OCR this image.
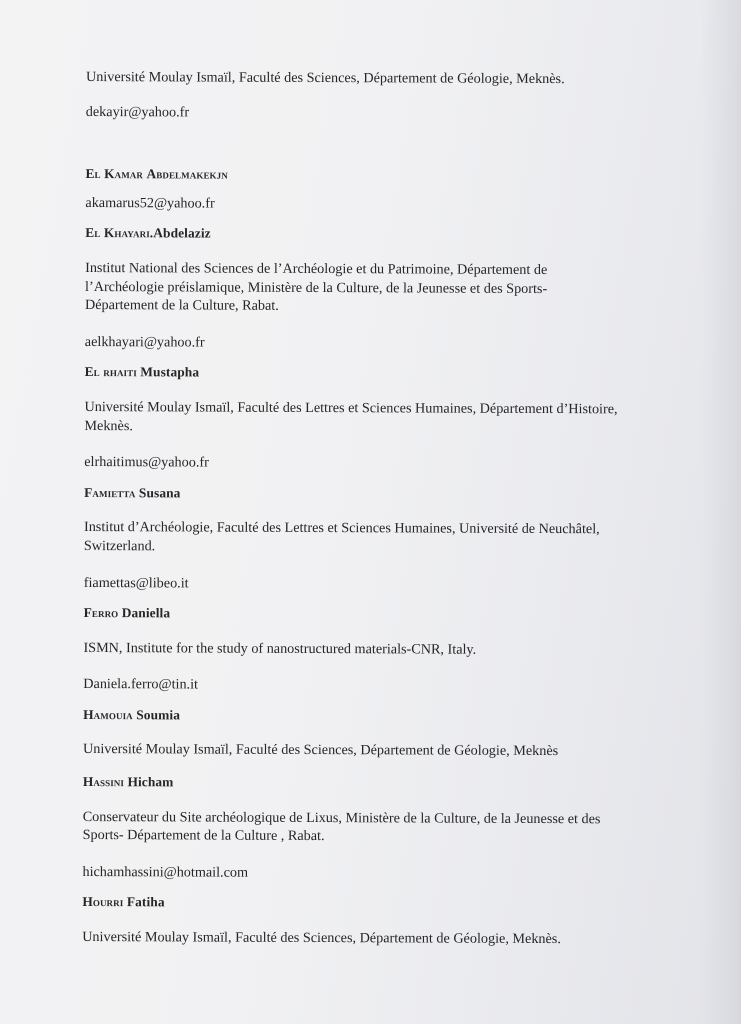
Université Moulay Ismaïl, Faculté des Sciences, Département de Géologie, Meknès.

dekayir@yahoo.fr

El Kamar Abdelmakekjn

akamarus52@yahoo.fr

El Khayari.Abdelaziz

Institut National des Sciences de l’Archéologie et du Patrimoine, Département de
l’Archéologie préislamique, Ministère de la Culture, de la Jeunesse et des Sports-
Département de la Culture, Rabat.

aelkhayari@yahoo.fr

El rhaiti Mustapha

Université Moulay Ismaïl, Faculté des Lettres et Sciences Humaines, Département d’Histoire,
Meknès.

elrhaitimus@yahoo.fr

Famietta Susana

Institut d’Archéologie, Faculté des Lettres et Sciences Humaines, Université de Neuchâtel,
Switzerland.

fiamettas@libeo.it

Ferro Daniella

ISMN, Institute for the study of nanostructured materials-CNR, Italy.

Daniela.ferro@tin.it

Hamouia Soumia

Université Moulay Ismaïl, Faculté des Sciences, Département de Géologie, Meknès

Hassini Hicham

Conservateur du Site archéologique de Lixus, Ministère de la Culture, de la Jeunesse et des
Sports- Département de la Culture , Rabat.

hichamhassini@hotmail.com

Hourri Fatiha

Université Moulay Ismaïl, Faculté des Sciences, Département de Géologie, Meknès.
